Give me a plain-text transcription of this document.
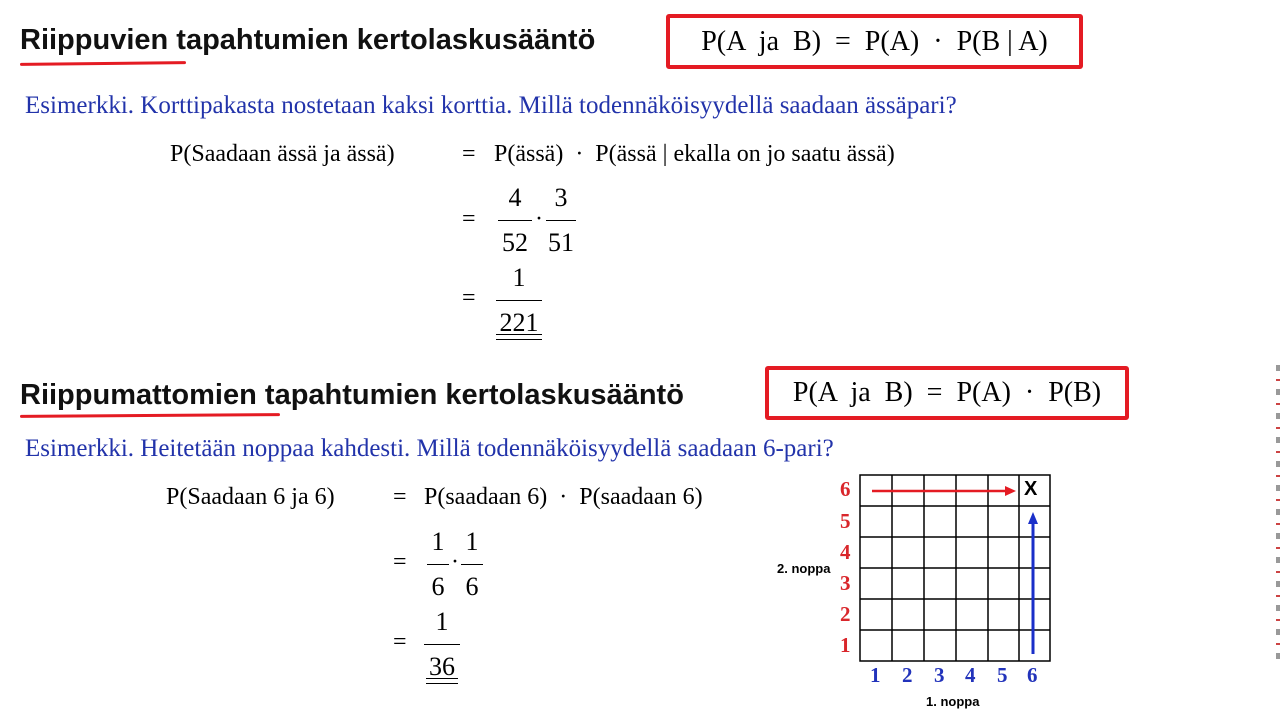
Riippuvien tapahtumien kertolaskusääntö	P(A  ja  B)  =  P(A)  ·  P(B | A)
Esimerkki. Korttipakasta nostetaan kaksi korttia. Millä todennäköisyydellä saadaan ässäpari?
P(Saadaan ässä ja ässä)	= P(ässä)  ·  P(ässä | ekalla on jo saatu ässä)
=
4
52
·
3
51
=
1
221
Riippumattomien tapahtumien kertolaskusääntö	P(A  ja  B)  =  P(A)  ·  P(B)
Esimerkki. Heitetään noppaa kahdesti. Millä todennäköisyydellä saadaan 6-pari?
P(Saadaan 6 ja 6) = P(saadaan 6)  ·  P(saadaan 6)
=
1
6
·
1
6
=
1
36
X
6
5
4
3
2
1
1 2 3 4 5 6
2. noppa
1. noppa
